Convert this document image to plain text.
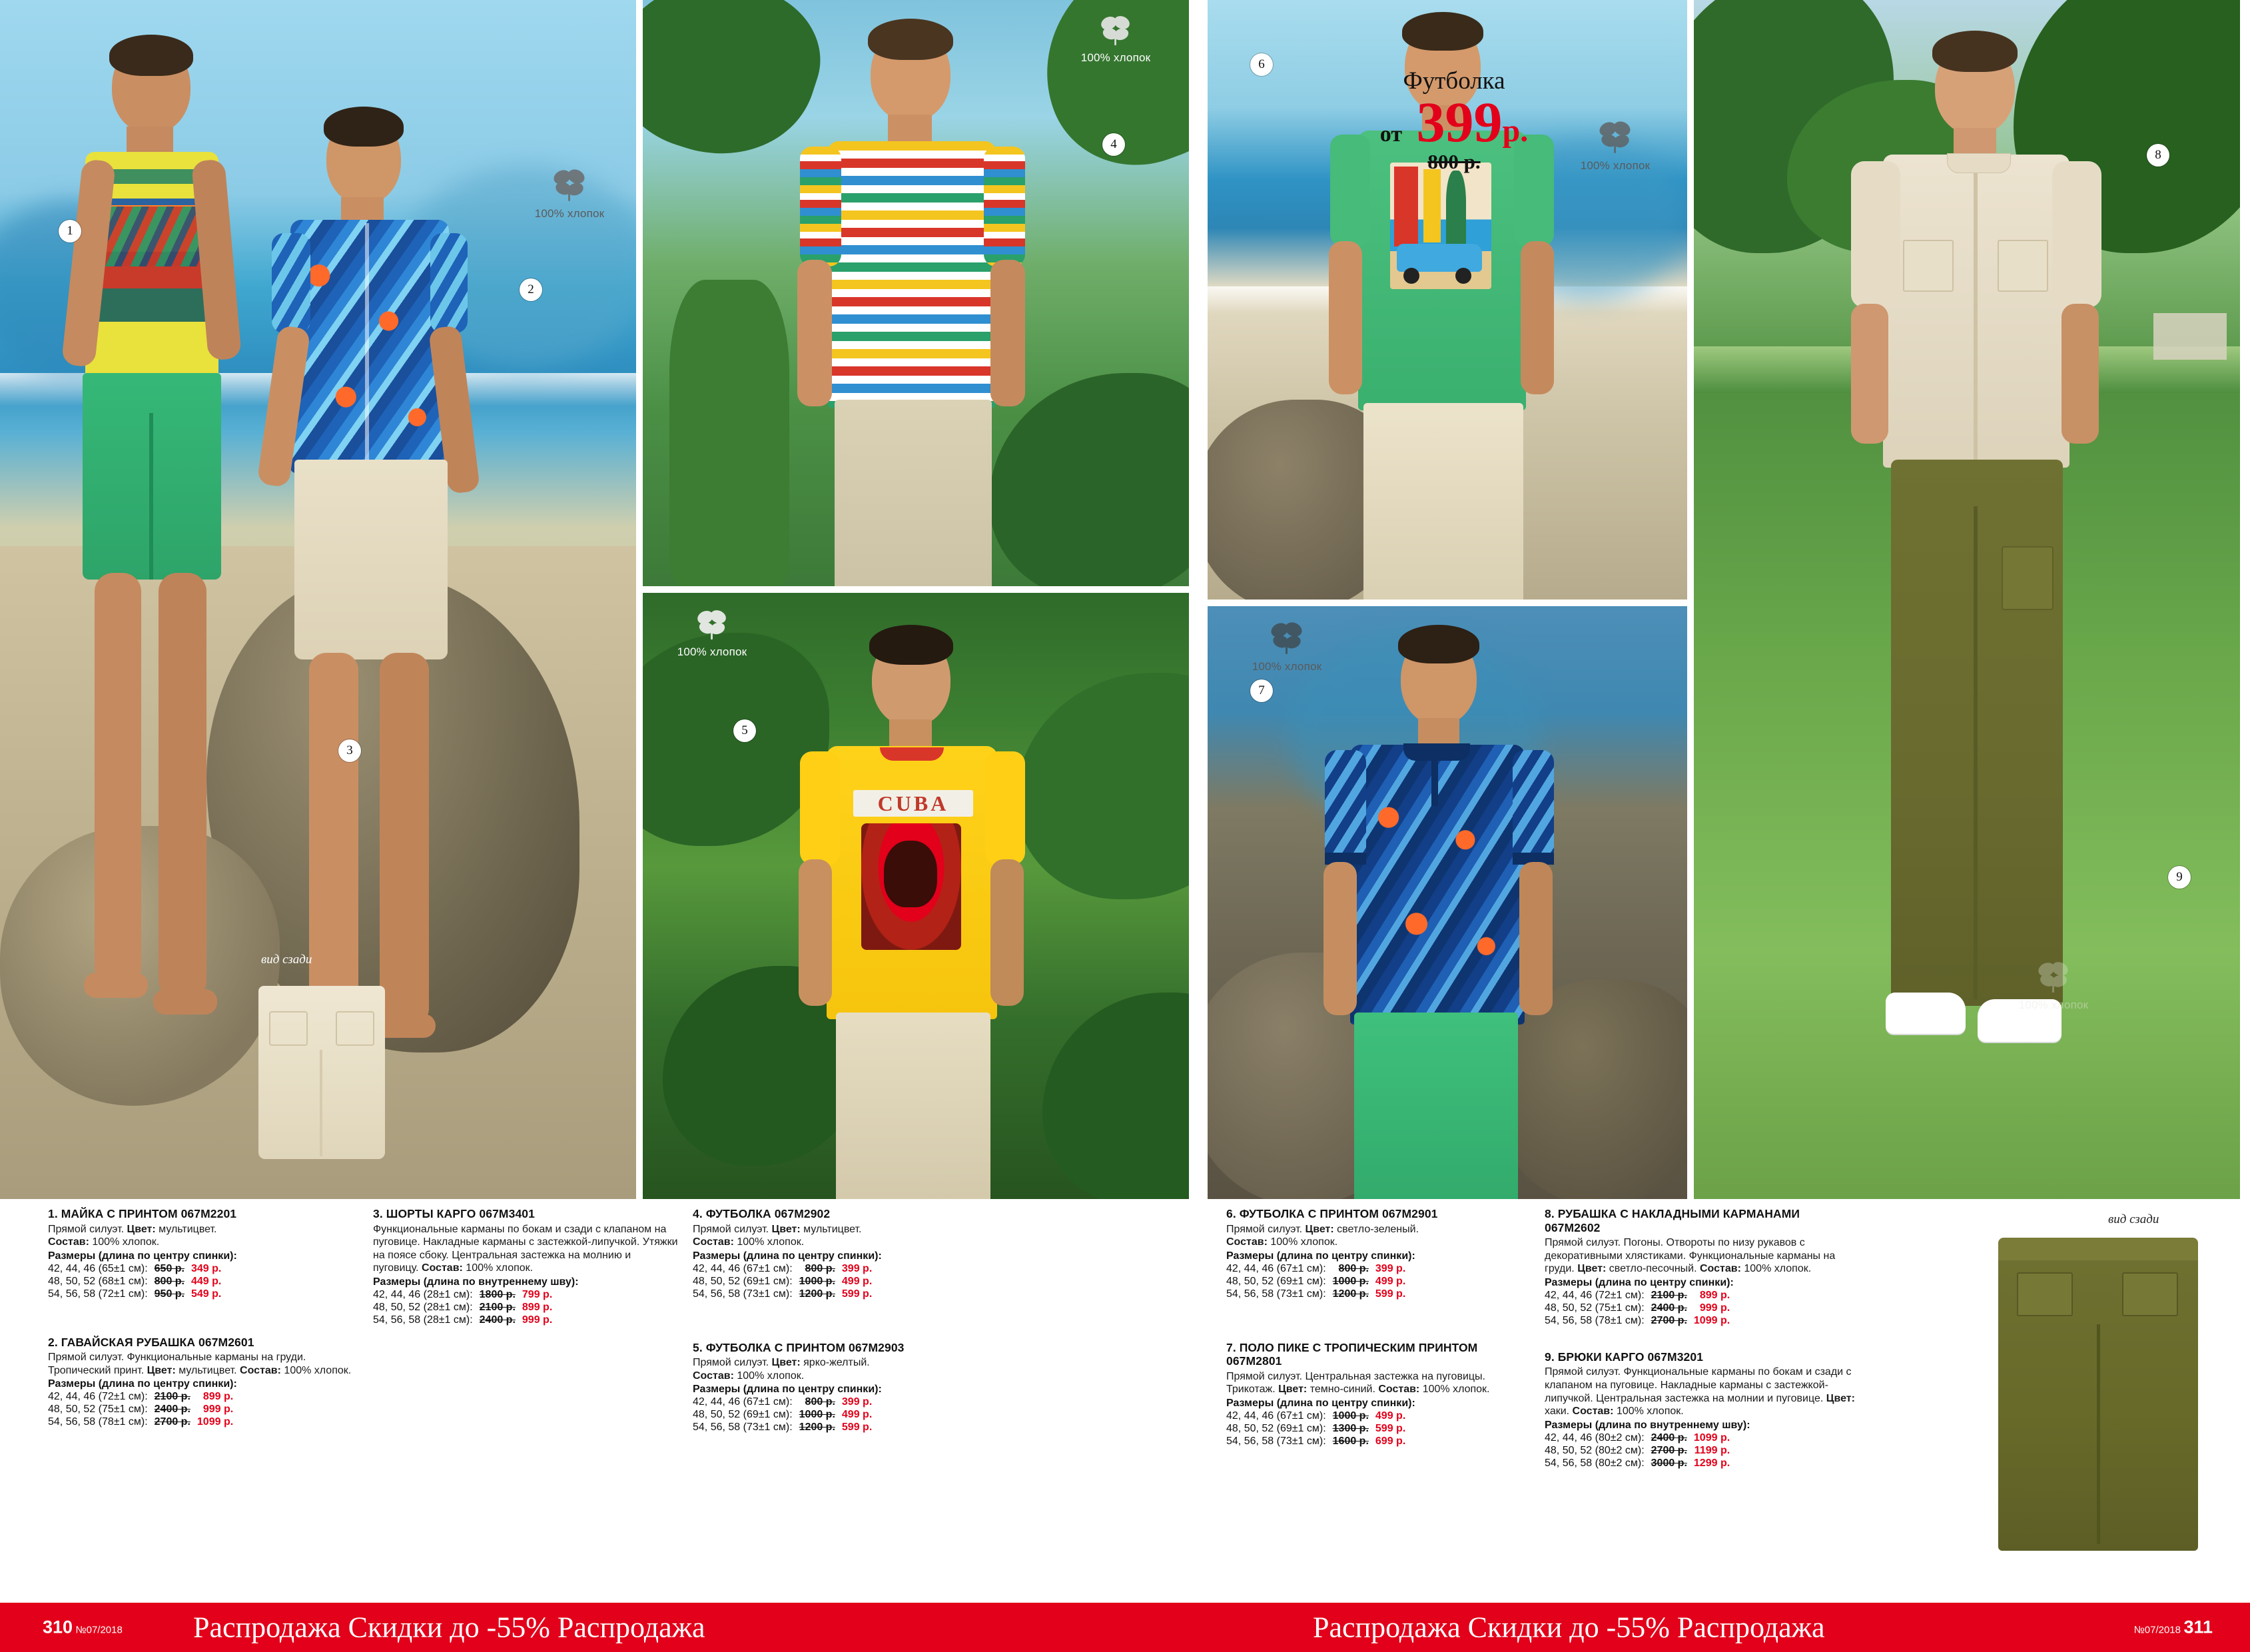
вид сзади
1
2
3
100% хлопок
4
100% хлопок
CUBA
5
100% хлопок
1. МАЙКА С ПРИНТОМ 067М2201

Прямой силуэт. Цвет: мультицвет.
Состав: 100% хлопок.

Размеры (длина по центру спинки):
42, 44, 46 (65±1 см):	650 р.	349 р.
48, 50, 52 (68±1 см):	800 р.	449 р.
54, 56, 58 (72±1 см):	950 р.	549 р.
2. ГАВАЙСКАЯ РУБАШКА 067М2601

Прямой силуэт. Функциональные карманы на груди. Тропический принт. Цвет: мультицвет. Состав: 100% хлопок.

Размеры (длина по центру спинки):
42, 44, 46 (72±1 см):	2100 р.	899 р.
48, 50, 52 (75±1 см):	2400 р.	999 р.
54, 56, 58 (78±1 см):	2700 р.	1099 р.
3. ШОРТЫ КАРГО 067М3401

Функциональные карманы по бокам и сзади с клапаном на пуговице. Накладные карманы с застежкой-липучкой. Утяжки на поясе сбоку. Центральная застежка на молнию и пуговицу. Состав: 100% хлопок.

Размеры (длина по внутреннему шву):
42, 44, 46 (28±1 см):	1800 р.	799 р.
48, 50, 52 (28±1 см):	2100 р.	899 р.
54, 56, 58 (28±1 см):	2400 р.	999 р.
4. ФУТБОЛКА 067М2902

Прямой силуэт. Цвет: мультицвет.
Состав: 100% хлопок.

Размеры (длина по центру спинки):
42, 44, 46 (67±1 см):	800 р.	399 р.
48, 50, 52 (69±1 см):	1000 р.	499 р.
54, 56, 58 (73±1 см):	1200 р.	599 р.
5. ФУТБОЛКА С ПРИНТОМ 067М2903

Прямой силуэт. Цвет: ярко-желтый.
Состав: 100% хлопок.

Размеры (длина по центру спинки):
42, 44, 46 (67±1 см):	800 р.	399 р.
48, 50, 52 (69±1 см):	1000 р.	499 р.
54, 56, 58 (73±1 см):	1200 р.	599 р.
310 №07/2018 Распродажа Скидки до -55% Распродажа
6
100% хлопок
Футболка
от 399р.
800 р.
7
100% хлопок
8
9
100% хлопок
6. ФУТБОЛКА С ПРИНТОМ 067М2901

Прямой силуэт. Цвет: светло-зеленый.
Состав: 100% хлопок.

Размеры (длина по центру спинки):
42, 44, 46 (67±1 см):	800 р.	399 р.
48, 50, 52 (69±1 см):	1000 р.	499 р.
54, 56, 58 (73±1 см):	1200 р.	599 р.
7. ПОЛО ПИКЕ С ТРОПИЧЕСКИМ ПРИНТОМ 067М2801

Прямой силуэт. Центральная застежка на пуговицы. Трикотаж. Цвет: темно-синий. Состав: 100% хлопок.

Размеры (длина по центру спинки):
42, 44, 46 (67±1 см):	1000 р.	499 р.
48, 50, 52 (69±1 см):	1300 р.	599 р.
54, 56, 58 (73±1 см):	1600 р.	699 р.
8. РУБАШКА С НАКЛАДНЫМИ КАРМАНАМИ 067М2602

Прямой силуэт. Погоны. Отвороты по низу рукавов с декоративными хлястиками. Функциональные карманы на груди. Цвет: светло-песочный. Состав: 100% хлопок.

Размеры (длина по центру спинки):
42, 44, 46 (72±1 см):	2100 р.	899 р.
48, 50, 52 (75±1 см):	2400 р.	999 р.
54, 56, 58 (78±1 см):	2700 р.	1099 р.
9. БРЮКИ КАРГО 067М3201

Прямой силуэт. Функциональные карманы по бокам и сзади с клапаном на пуговице. Накладные карманы с застежкой-липучкой. Центральная застежка на молнии и пуговице. Цвет: хаки. Состав: 100% хлопок.

Размеры (длина по внутреннему шву):
42, 44, 46 (80±2 см):	2400 р.	1099 р.
48, 50, 52 (80±2 см):	2700 р.	1199 р.
54, 56, 58 (80±2 см):	3000 р.	1299 р.
вид сзади
Распродажа Скидки до -55% Распродажа	№07/2018 311
